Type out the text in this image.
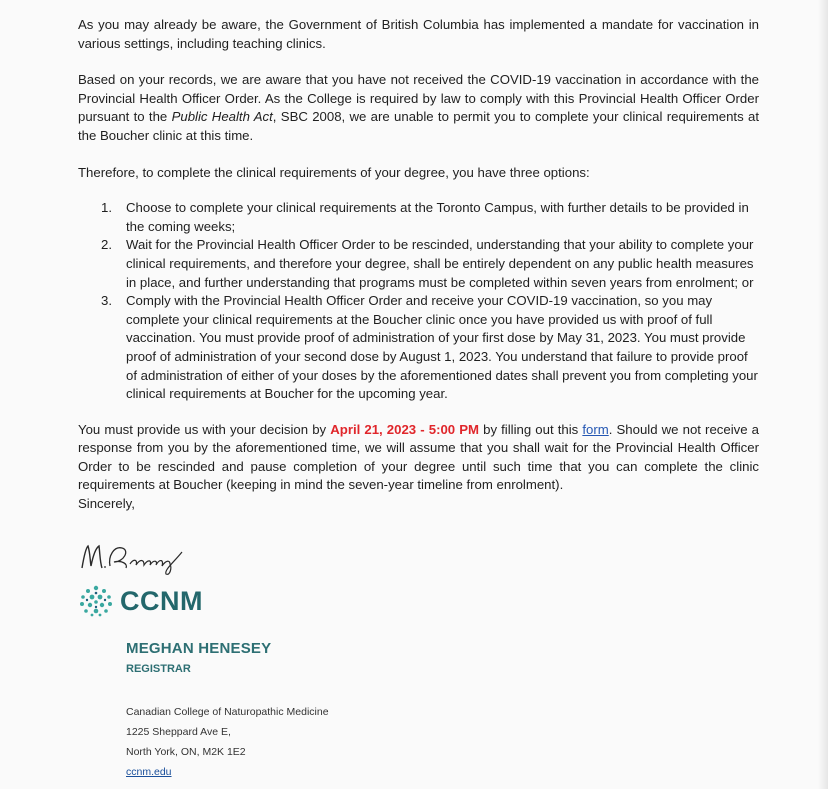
As you may already be aware, the Government of British Columbia has implemented a mandate for vaccination in various settings, including teaching clinics.

Based on your records, we are aware that you have not received the COVID-19 vaccination in accordance with the Provincial Health Officer Order. As the College is required by law to comply with this Provincial Health Officer Order pursuant to the Public Health Act, SBC 2008, we are unable to permit you to complete your clinical requirements at the Boucher clinic at this time.

Therefore, to complete the clinical requirements of your degree, you have three options:

1. Choose to complete your clinical requirements at the Toronto Campus, with further details to be provided in the coming weeks;
2. Wait for the Provincial Health Officer Order to be rescinded, understanding that your ability to complete your clinical requirements, and therefore your degree, shall be entirely dependent on any public health measures in place, and further understanding that programs must be completed within seven years from enrolment; or
3. Comply with the Provincial Health Officer Order and receive your COVID-19 vaccination, so you may complete your clinical requirements at the Boucher clinic once you have provided us with proof of full vaccination. You must provide proof of administration of your first dose by May 31, 2023. You must provide proof of administration of your second dose by August 1, 2023. You understand that failure to provide proof of administration of either of your doses by the aforementioned dates shall prevent you from completing your clinical requirements at Boucher for the upcoming year.

You must provide us with your decision by April 21, 2023 - 5:00 PM by filling out this form. Should we not receive a response from you by the aforementioned time, we will assume that you shall wait for the Provincial Health Officer Order to be rescinded and pause completion of your degree until such time that you can complete the clinic requirements at Boucher (keeping in mind the seven-year timeline from enrolment).

Sincerely,

CCNM
MEGHAN HENESEY
REGISTRAR
Canadian College of Naturopathic Medicine
1225 Sheppard Ave E,
North York, ON, M2K 1E2
ccnm.edu
